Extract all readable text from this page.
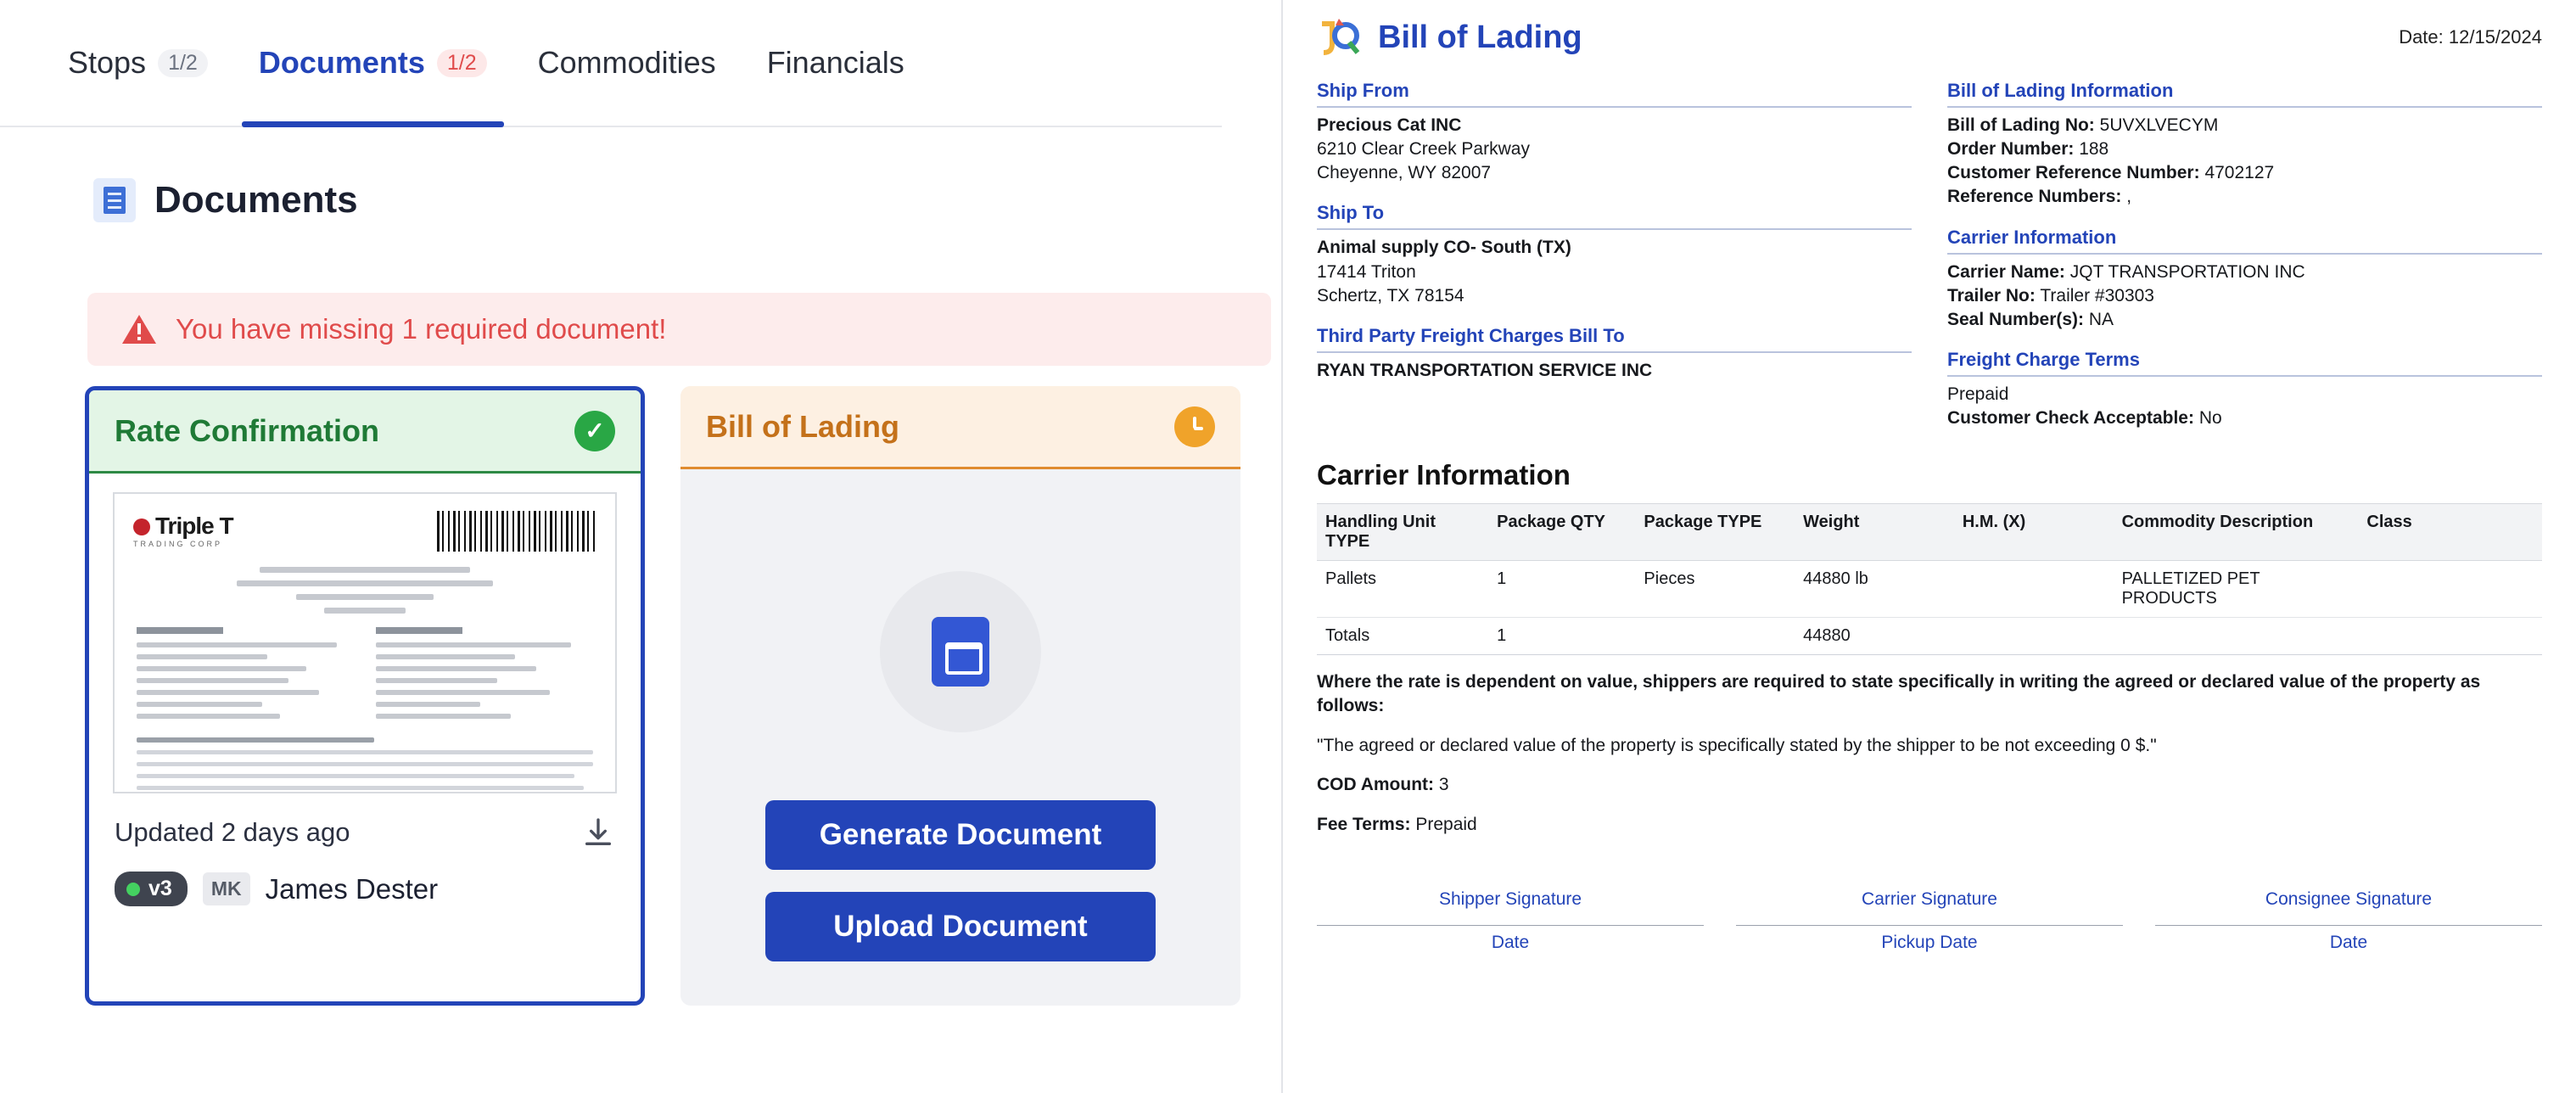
Stops	1/2	Documents	1/2	Commodities Financials
Documents
You have missing 1 required document!
Rate Confirmation	✓
Triple T
TRADING CORP
Updated 2 days ago
v3	MK James Dester
Bill of Lading
Generate Document
Upload Document
Bill of Lading	Date: 12/15/2024
Ship From
Precious Cat INC
6210 Clear Creek Parkway
Cheyenne, WY 82007
Ship To
Animal supply CO- South (TX)
17414 Triton
Schertz, TX 78154
Third Party Freight Charges Bill To
RYAN TRANSPORTATION SERVICE INC
Bill of Lading Information
Bill of Lading No: 5UVXLVECYM
Order Number: 188
Customer Reference Number: 4702127
Reference Numbers: ,
Carrier Information
Carrier Name: JQT TRANSPORTATION INC
Trailer No: Trailer #30303
Seal Number(s): NA
Freight Charge Terms
Prepaid
Customer Check Acceptable: No
Carrier Information
Handling Unit TYPE	Package QTY	Package TYPE	Weight	H.M. (X)	Commodity Description	Class
Pallets	1	Pieces	44880 lb		PALLETIZED PET PRODUCTS	
Totals	1		44880			
Where the rate is dependent on value, shippers are required to state specifically in writing the agreed or declared value of the property as follows:
"The agreed or declared value of the property is specifically stated by the shipper to be not exceeding 0 $."
COD Amount: 3
Fee Terms: Prepaid
Shipper Signature
Date
Carrier Signature
Pickup Date
Consignee Signature
Date
